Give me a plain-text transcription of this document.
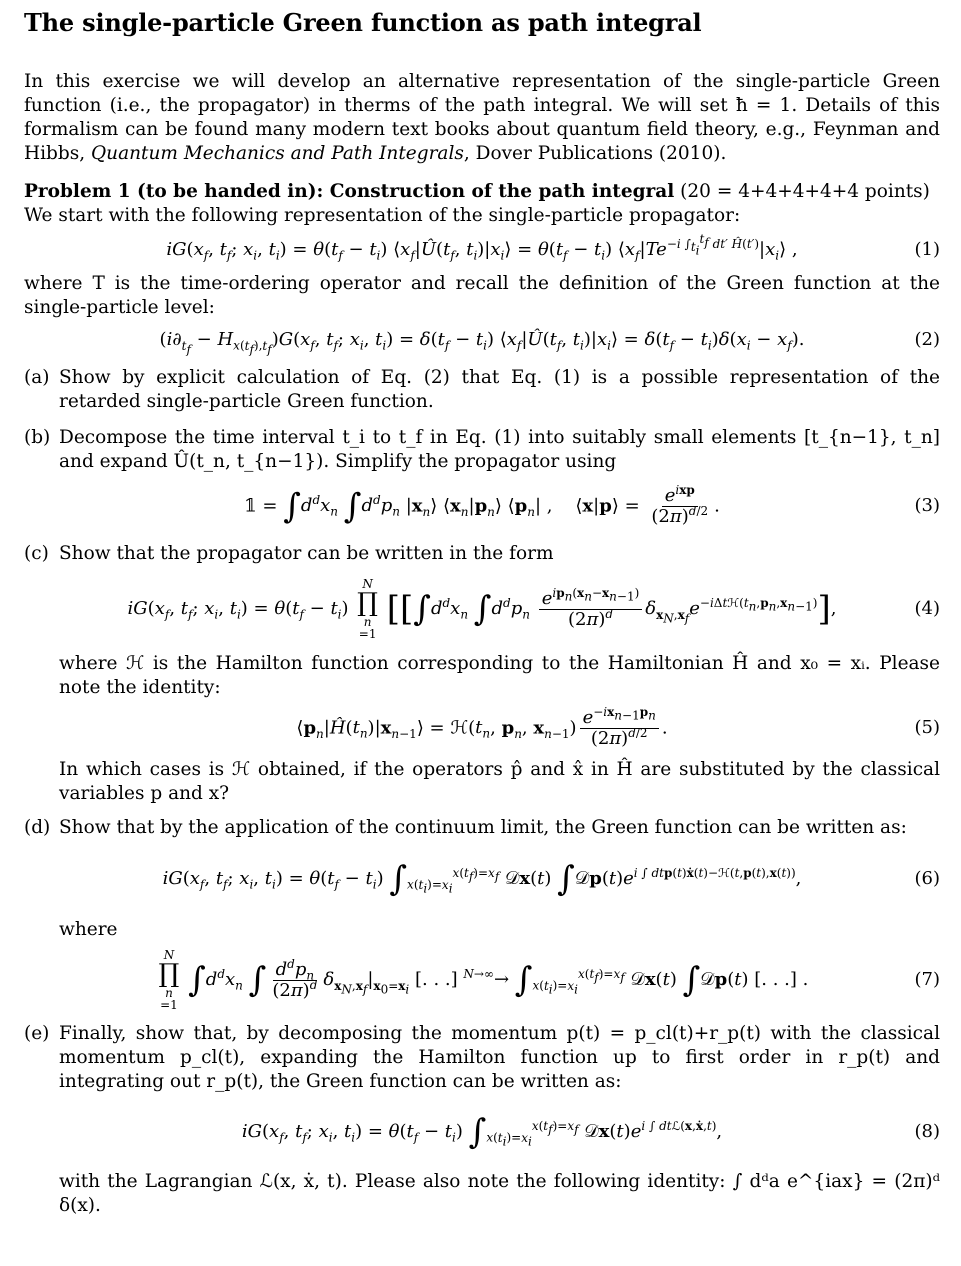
The single-particle Green function as path integral

In this exercise we will develop an alternative representation of the single-particle Green function (i.e., the propagator) in therms of the path integral. We will set ħ = 1. Details of this formalism can be found many modern text books about quantum field theory, e.g., Feynman and Hibbs, Quantum Mechanics and Path Integrals, Dover Publications (2010).

Problem 1 (to be handed in): Construction of the path integral (20 = 4+4+4+4+4 points)

We start with the following representation of the single-particle propagator:

$iG(x_f$, $t_f$; $x_i$, $t_i) = \theta(t_f - t_i)$ $⟨x_f|Û(t_f$, $t_i)|x_i⟩ = \theta(t_f - t_i)$ $⟨x_f|Te^{-i \int_{t_i}^{t_f} dt' Ĥ(t')}|x_i⟩$ ,	(1)

where T is the time-ordering operator and recall the definition of the Green function at the single-particle level:

$(i\partial_{t_f} - H_{x(t_f),t_f})G(x_f$, $t_f$; $x_i$, $t_i) = \delta(t_f - t_i)$ $⟨x_f|Û(t_f$, $t_i)|x_i⟩ = \delta(t_f - t_i)\delta(x_i - x_f)$.	(2)
(a) Show by explicit calculation of Eq. (2) that Eq. (1) is a possible representation of the retarded single-particle Green function.

(b) Decompose the time interval t_i to t_f in Eq. (1) into suitably small elements [t_{n−1}, t_n] and expand Û(t_n, t_{n−1}). Simplify the propagator using

𝟙 = $\int d^dx_n$ $\int d^dp_n$ $|x_n⟩$ $⟨x_n|p_n⟩$ $⟨p_n|$ ,    ⟨x|p⟩ = $\frac{e^{ixp}}{(2\pi)^{d/2}}$ .	(3)
(c) Show that the propagator can be written in the form

$iG(x_f$, $t_f$; $x_i$, $t_i) = \theta(t_f - t_i)$
N
∏
n
=1 [[$\int d^dx_n$ $\int d^dp_n \frac{e^{ip_n(x_n-x_{n-1})}}{(2\pi)^d} \delta_{x_N,x_f}e^{-i\Delta tℋ(t_n,p_n,x_{n-1})}$],	(4)

where ℋ is the Hamilton function corresponding to the Hamiltonian Ĥ and x₀ = xᵢ. Please note the identity:

$⟨p_n|Ĥ(t_n)|x_{n-1}⟩$ = $ℋ(t_n$, $p_n$, $x_{n-1}) \frac{e^{-ix_{n-1}p_n}}{(2\pi)^{d/2}}$ .	(5)

In which cases is ℋ obtained, if the operators p̂ and x̂ in Ĥ are substituted by the classical variables p and x?

(d) Show that by the application of the continuum limit, the Green function can be written as:

$iG(x_f$, $t_f$; $x_i$, $t_i) = \theta(t_f - t_i)$ $\int_{x(t_i)=x_i}^{x(t_f)=x_f}$ 𝒟x(t) $\int 𝒟p(t)e^{i \int dtp(t)ẋ(t)-ℋ(t,p(t),x(t))}$,	(6)

where

N
∏
n
=1 $\int d^dx_n$ ∫ $\frac{d^dp_n}{(2\pi)^d} \delta_{x_N,x_f}|_{x_0=x_i}$ [. . .] $^{N\to\infty}\to \int_{x(t_i)=x_i}^{x(t_f)=x_f}$ 𝒟x(t) ∫𝒟p(t) [. . .] .	(7)
(e) Finally, show that, by decomposing the momentum p(t) = p_cl(t)+r_p(t) with the classical momentum p_cl(t), expanding the Hamilton function up to first order in r_p(t) and integrating out r_p(t), the Green function can be written as:

$iG(x_f$, $t_f$; $x_i$, $t_i) = \theta(t_f - t_i)$ $\int_{x(t_i)=x_i}^{x(t_f)=x_f}$ $𝒟x(t)e^{i \int dtℒ(x,ẋ,t)}$,	(8)

with the Lagrangian ℒ(x, ẋ, t). Please also note the following identity: ∫ dᵈa e^{iax} = (2π)ᵈ δ(x).
